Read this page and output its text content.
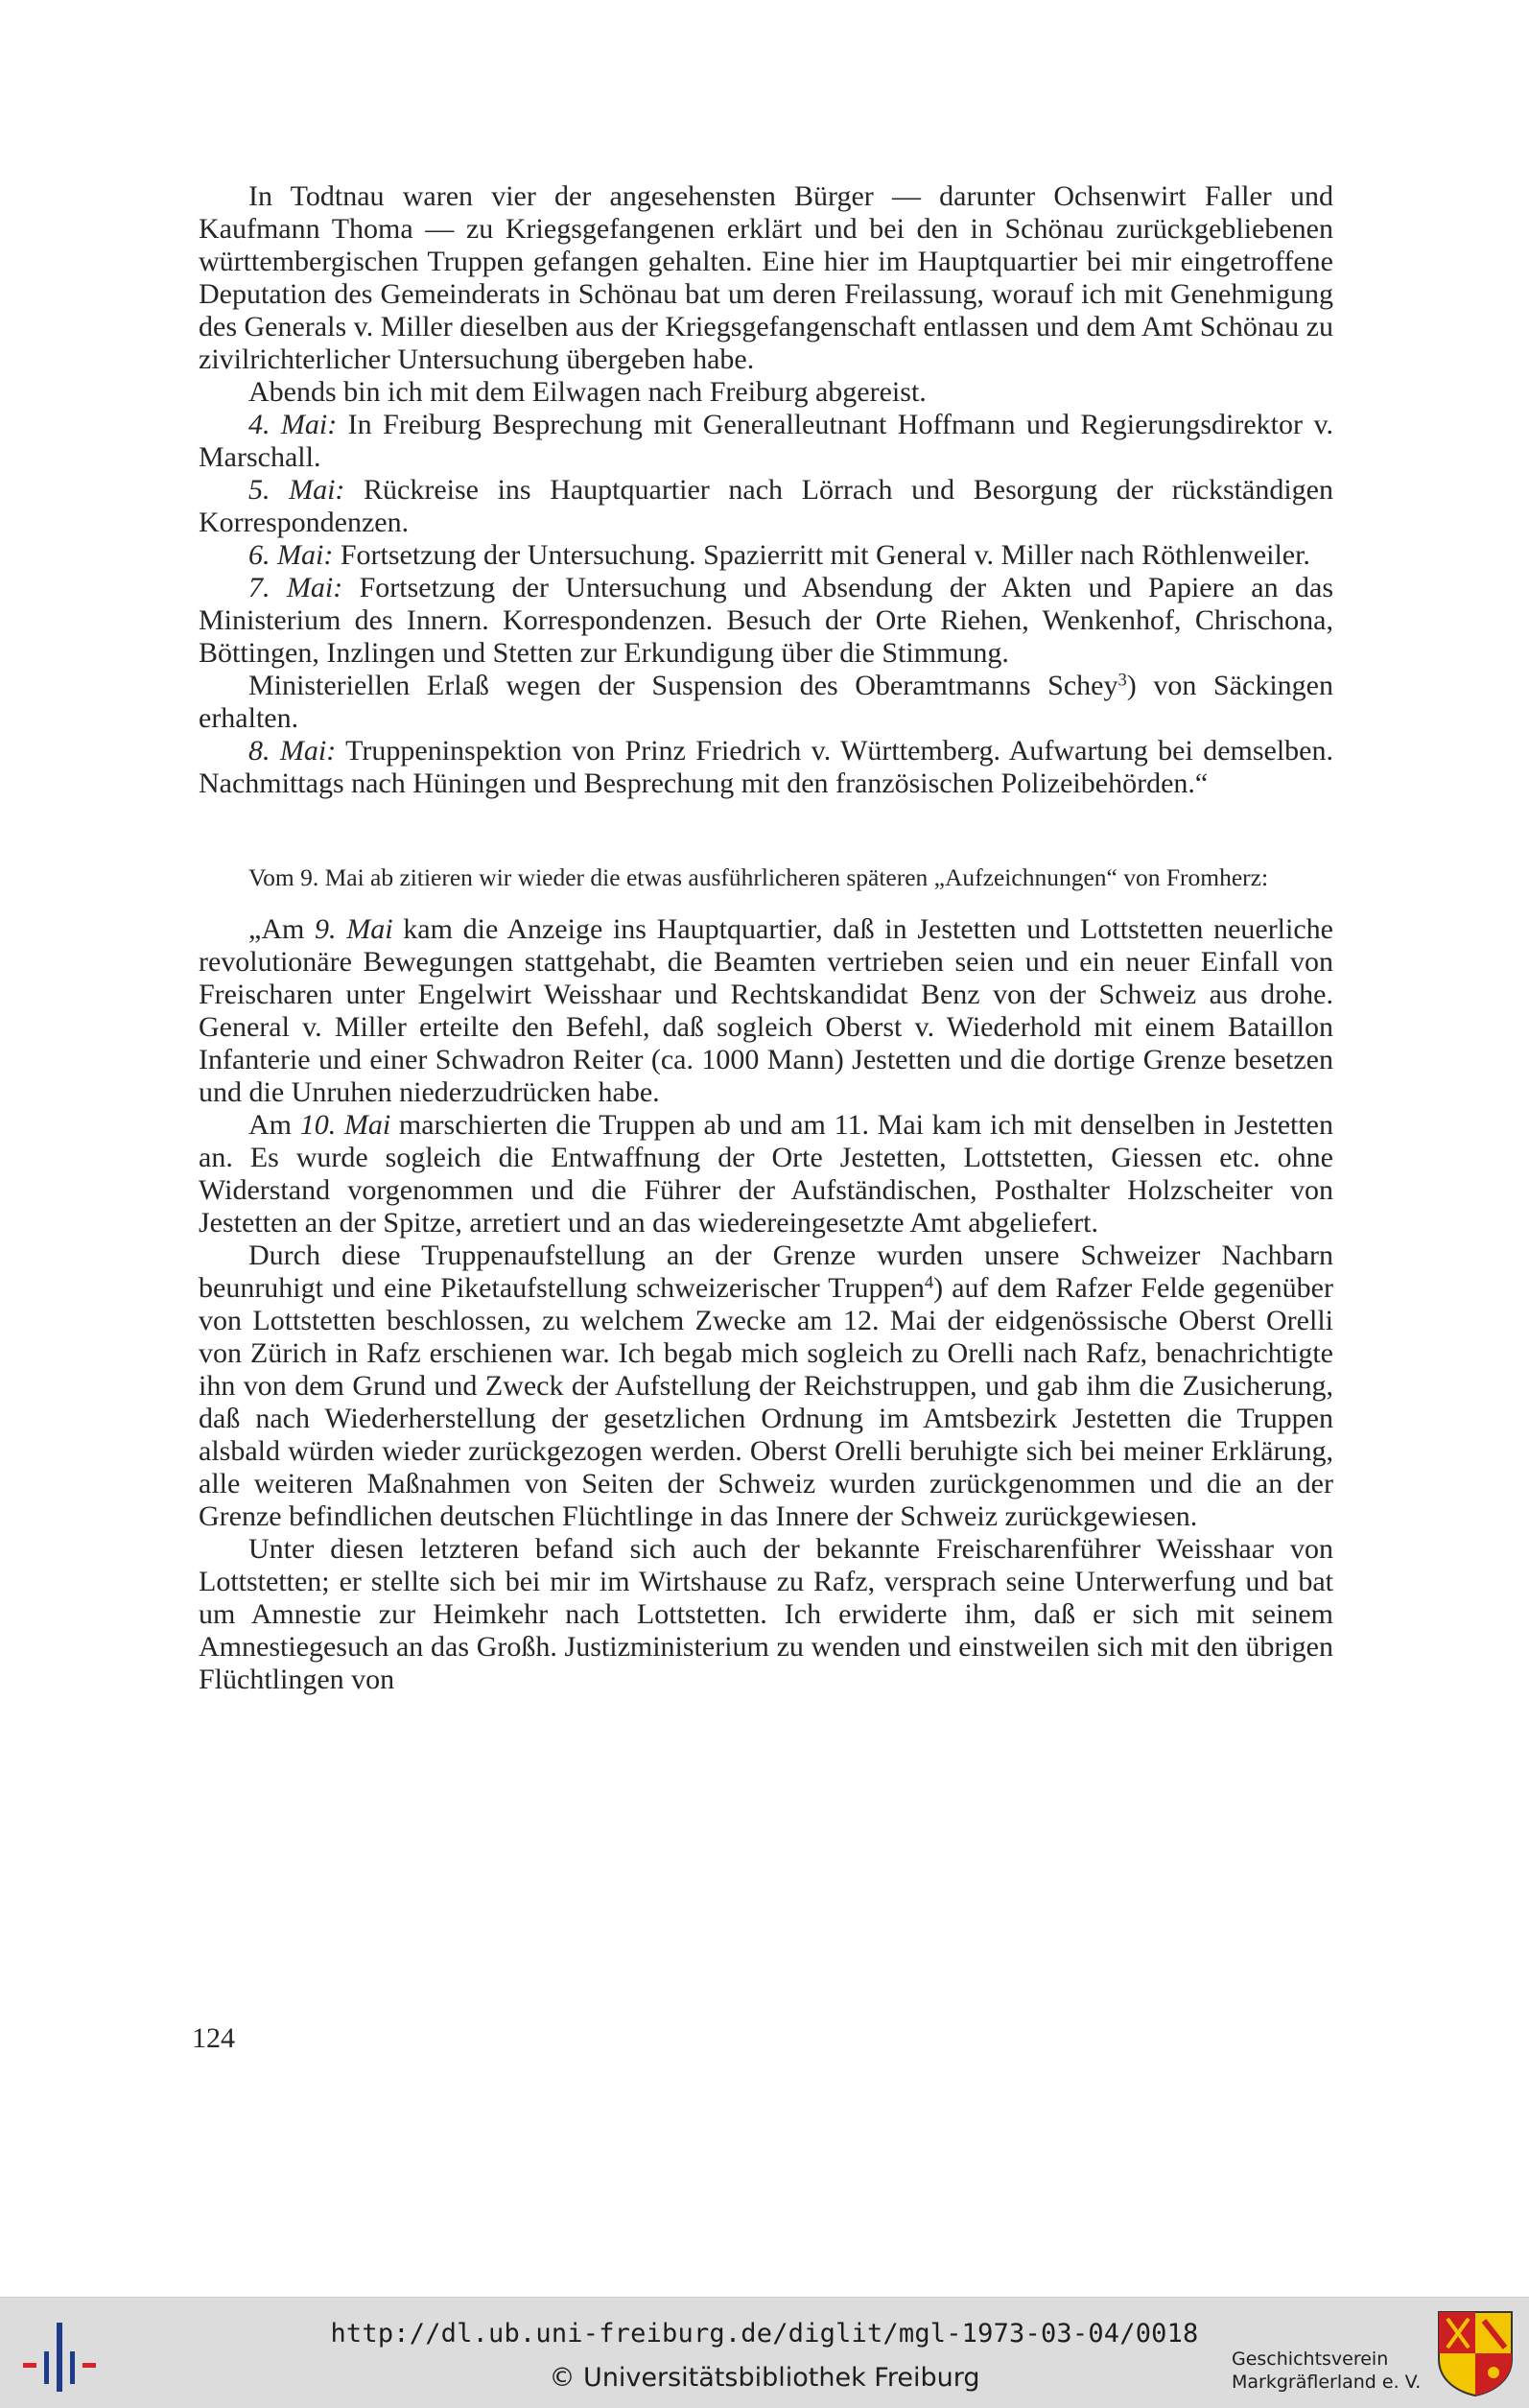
In Todtnau waren vier der angesehensten Bürger — darunter Ochsenwirt Faller und Kaufmann Thoma — zu Kriegsgefangenen erklärt und bei den in Schönau zurückgebliebenen württembergischen Truppen gefangen gehalten. Eine hier im Hauptquartier bei mir eingetroffene Deputation des Gemeinderats in Schönau bat um deren Freilassung, worauf ich mit Genehmigung des Generals v. Miller dieselben aus der Kriegsgefangenschaft entlassen und dem Amt Schönau zu zivilrichterlicher Untersuchung übergeben habe.

Abends bin ich mit dem Eilwagen nach Freiburg abgereist.

4. Mai: In Freiburg Besprechung mit Generalleutnant Hoffmann und Regierungsdirektor v. Marschall.

5. Mai: Rückreise ins Hauptquartier nach Lörrach und Besorgung der rückständigen Korrespondenzen.

6. Mai: Fortsetzung der Untersuchung. Spazierritt mit General v. Miller nach Röthlenweiler.

7. Mai: Fortsetzung der Untersuchung und Absendung der Akten und Papiere an das Ministerium des Innern. Korrespondenzen. Besuch der Orte Riehen, Wenkenhof, Chrischona, Böttingen, Inzlingen und Stetten zur Erkundigung über die Stimmung.

Ministeriellen Erlaß wegen der Suspension des Oberamtmanns Schey$^3$) von Säckingen erhalten.

8. Mai: Truppeninspektion von Prinz Friedrich v. Württemberg. Aufwartung bei demselben. Nachmittags nach Hüningen und Besprechung mit den französischen Polizeibehörden.“

Vom 9. Mai ab zitieren wir wieder die etwas ausführlicheren späteren „Aufzeichnungen“ von Fromherz:

„Am 9. Mai kam die Anzeige ins Hauptquartier, daß in Jestetten und Lottstetten neuerliche revolutionäre Bewegungen stattgehabt, die Beamten vertrieben seien und ein neuer Einfall von Freischaren unter Engelwirt Weisshaar und Rechtskandidat Benz von der Schweiz aus drohe. General v. Miller erteilte den Befehl, daß sogleich Oberst v. Wiederhold mit einem Bataillon Infanterie und einer Schwadron Reiter (ca. 1000 Mann) Jestetten und die dortige Grenze besetzen und die Unruhen niederzudrücken habe.

Am 10. Mai marschierten die Truppen ab und am 11. Mai kam ich mit denselben in Jestetten an. Es wurde sogleich die Entwaffnung der Orte Jestetten, Lottstetten, Giessen etc. ohne Widerstand vorgenommen und die Führer der Aufständischen, Posthalter Holzscheiter von Jestetten an der Spitze, arretiert und an das wiedereingesetzte Amt abgeliefert.

Durch diese Truppenaufstellung an der Grenze wurden unsere Schweizer Nachbarn beunruhigt und eine Piketaufstellung schweizerischer Truppen$^4$) auf dem Rafzer Felde gegenüber von Lottstetten beschlossen, zu welchem Zwecke am 12. Mai der eidgenössische Oberst Orelli von Zürich in Rafz erschienen war. Ich begab mich sogleich zu Orelli nach Rafz, benachrichtigte ihn von dem Grund und Zweck der Aufstellung der Reichstruppen, und gab ihm die Zusicherung, daß nach Wiederherstellung der gesetzlichen Ordnung im Amtsbezirk Jestetten die Truppen alsbald würden wieder zurückgezogen werden. Oberst Orelli beruhigte sich bei meiner Erklärung, alle weiteren Maßnahmen von Seiten der Schweiz wurden zurückgenommen und die an der Grenze befindlichen deutschen Flüchtlinge in das Innere der Schweiz zurückgewiesen.

Unter diesen letzteren befand sich auch der bekannte Freischarenführer Weisshaar von Lottstetten; er stellte sich bei mir im Wirtshause zu Rafz, versprach seine Unterwerfung und bat um Amnestie zur Heimkehr nach Lottstetten. Ich erwiderte ihm, daß er sich mit seinem Amnestiegesuch an das Großh. Justizministerium zu wenden und einstweilen sich mit den übrigen Flüchtlingen von

124
http://dl.ub.uni-freiburg.de/diglit/mgl-1973-03-04/0018
© Universitätsbibliothek Freiburg
Geschichtsverein
Markgräflerland e. V.
